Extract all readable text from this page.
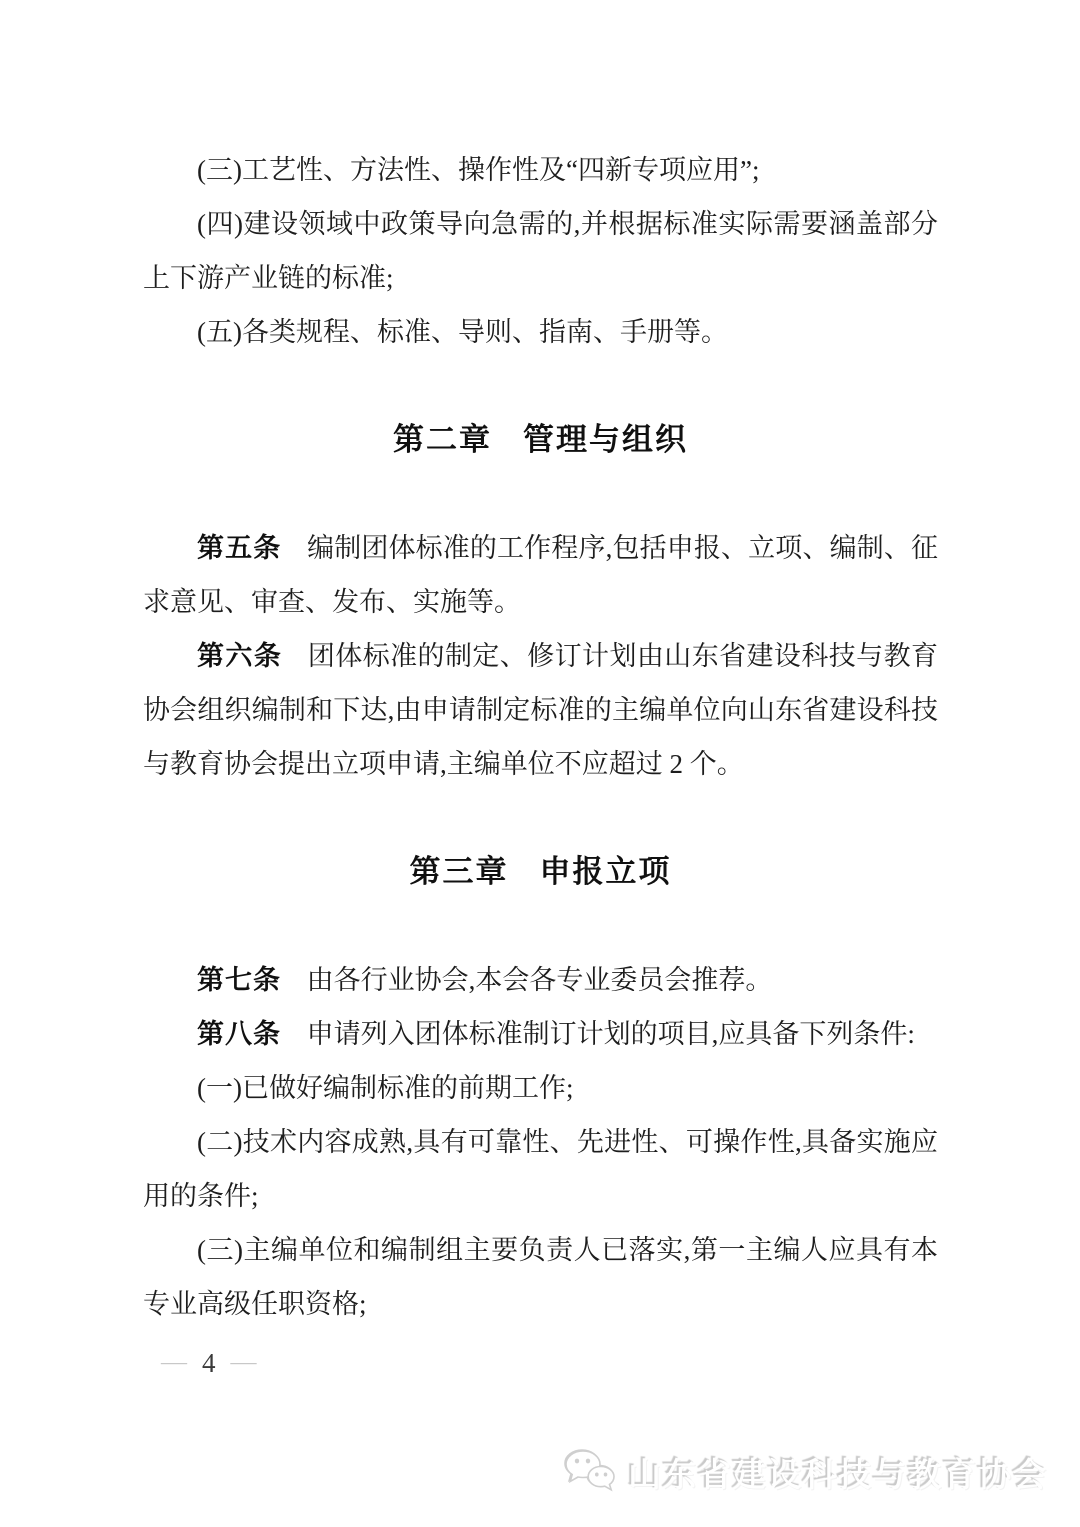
(三)工艺性、方法性、操作性及“四新专项应用”;

(四)建设领域中政策导向急需的,并根据标准实际需要涵盖部分上下游产业链的标准;

(五)各类规程、标准、导则、指南、手册等。

第二章 管理与组织

第五条 编制团体标准的工作程序,包括申报、立项、编制、征求意见、审查、发布、实施等。

第六条 团体标准的制定、修订计划由山东省建设科技与教育协会组织编制和下达,由申请制定标准的主编单位向山东省建设科技与教育协会提出立项申请,主编单位不应超过 2 个。

第三章 申报立项

第七条 由各行业协会,本会各专业委员会推荐。

第八条 申请列入团体标准制订计划的项目,应具备下列条件:

(一)已做好编制标准的前期工作;

(二)技术内容成熟,具有可靠性、先进性、可操作性,具备实施应用的条件;

(三)主编单位和编制组主要负责人已落实,第一主编人应具有本专业高级任职资格;

— 4 —
山东省建设科技与教育协会
